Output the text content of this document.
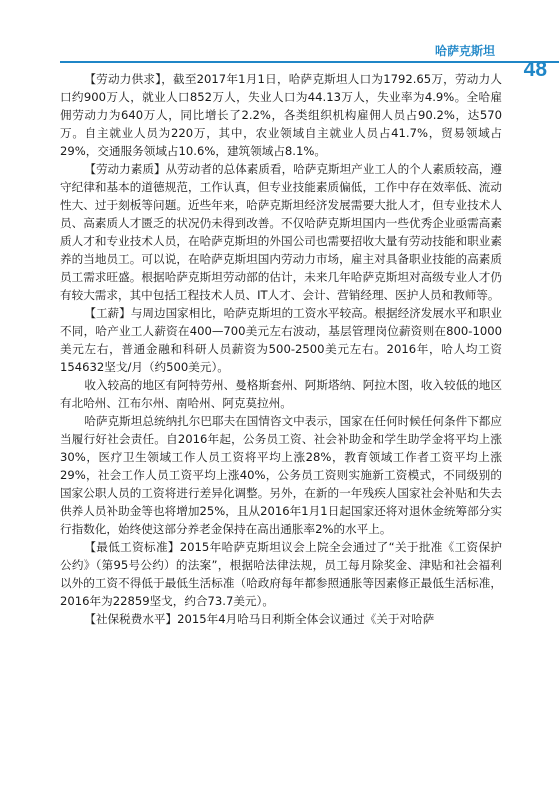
哈萨克斯坦
48

【劳动力供求】，截至2017年1月1日，哈萨克斯坦人口为1792.65万，劳动力人口约900万人，就业人口852万人，失业人口为44.13万人，失业率为4.9%。全哈雇佣劳动力为640万人，同比增长了2.2%，各类组织机构雇佣人员占90.2%，达570万。自主就业人员为220万，其中，农业领域自主就业人员占41.7%，贸易领域占29%，交通服务领域占10.6%，建筑领域占8.1%。

【劳动力素质】从劳动者的总体素质看，哈萨克斯坦产业工人的个人素质较高，遵守纪律和基本的道德规范，工作认真，但专业技能素质偏低，工作中存在效率低、流动性大、过于刻板等问题。近些年来，哈萨克斯坦经济发展需要大批人才，但专业技术人员、高素质人才匮乏的状况仍未得到改善。不仅哈萨克斯坦国内一些优秀企业亟需高素质人才和专业技术人员，在哈萨克斯坦的外国公司也需要招收大量有劳动技能和职业素养的当地员工。可以说，在哈萨克斯坦国内劳动力市场，雇主对具备职业技能的高素质员工需求旺盛。根据哈萨克斯坦劳动部的估计，未来几年哈萨克斯坦对高级专业人才仍有较大需求，其中包括工程技术人员、IT人才、会计、营销经理、医护人员和教师等。

【工薪】与周边国家相比，哈萨克斯坦的工资水平较高。根据经济发展水平和职业不同，哈产业工人薪资在400—700美元左右波动，基层管理岗位薪资则在800-1000美元左右，普通金融和科研人员薪资为500-2500美元左右。2016年，哈人均工资154632坚戈/月（约500美元）。

收入较高的地区有阿特劳州、曼格斯套州、阿斯塔纳、阿拉木图，收入较低的地区有北哈州、江布尔州、南哈州、阿克莫拉州。

哈萨克斯坦总统纳扎尔巴耶夫在国情咨文中表示，国家在任何时候任何条件下都应当履行好社会责任。自2016年起，公务员工资、社会补助金和学生助学金将平均上涨30%，医疗卫生领域工作人员工资将平均上涨28%，教育领域工作者工资平均上涨29%，社会工作人员工资平均上涨40%，公务员工资则实施新工资模式，不同级别的国家公职人员的工资将进行差异化调整。另外，在新的一年残疾人国家社会补贴和失去供养人员补助金等也将增加25%，且从2016年1月1日起国家还将对退休金统筹部分实行指数化，始终使这部分养老金保持在高出通胀率2%的水平上。

【最低工资标准】2015年哈萨克斯坦议会上院全会通过了“关于批准《工资保护公约》（第95号公约）的法案”，根据哈法律法规，员工每月除奖金、津贴和社会福利以外的工资不得低于最低生活标准（哈政府每年都参照通胀等因素修正最低生活标准，2016年为22859坚戈，约合73.7美元）。

【社保税费水平】2015年4月哈马日利斯全体会议通过《关于对哈萨
